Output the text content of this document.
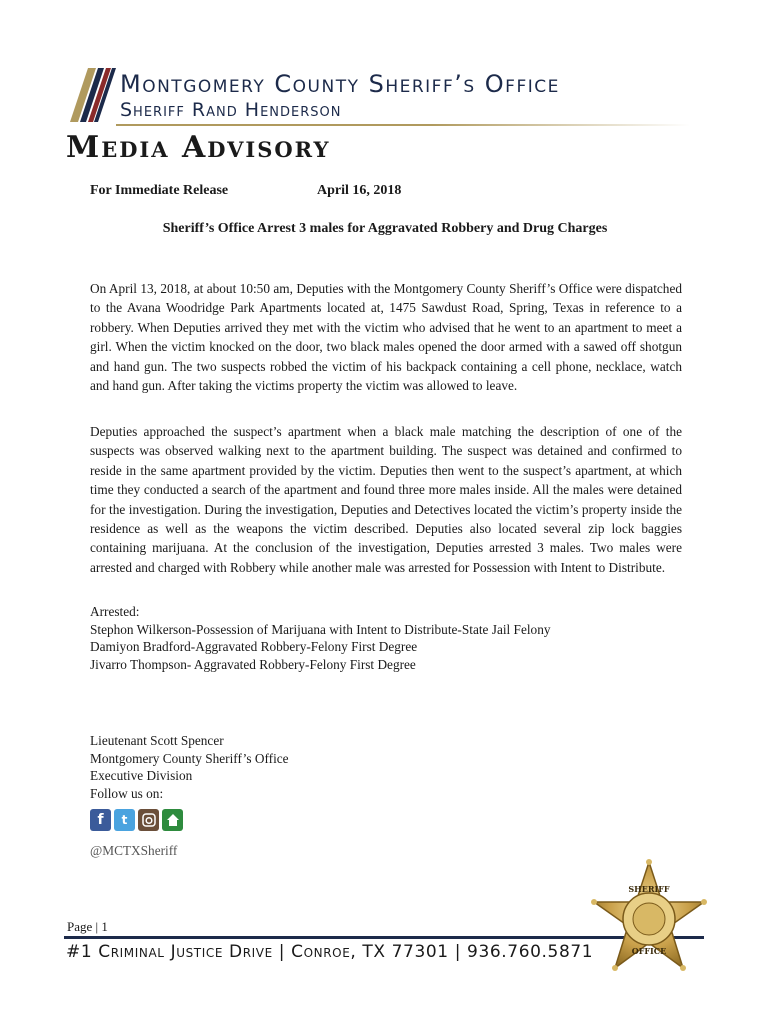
Montgomery County Sheriff’s Office
Sheriff Rand Henderson
Media Advisory
For Immediate Release	April 16, 2018
Sheriff’s Office Arrest 3 males for Aggravated Robbery and Drug Charges

On April 13, 2018, at about 10:50 am, Deputies with the Montgomery County Sheriff’s Office were dispatched to the Avana Woodridge Park Apartments located at, 1475 Sawdust Road, Spring, Texas in reference to a robbery. When Deputies arrived they met with the victim who advised that he went to an apartment to meet a girl. When the victim knocked on the door, two black males opened the door armed with a sawed off shotgun and hand gun. The two suspects robbed the victim of his backpack containing a cell phone, necklace, watch and hand gun. After taking the victims property the victim was allowed to leave.

Deputies approached the suspect’s apartment when a black male matching the description of one of the suspects was observed walking next to the apartment building. The suspect was detained and confirmed to reside in the same apartment provided by the victim. Deputies then went to the suspect’s apartment, at which time they conducted a search of the apartment and found three more males inside. All the males were detained for the investigation. During the investigation, Deputies and Detectives located the victim’s property inside the residence as well as the weapons the victim described. Deputies also located several zip lock baggies containing marijuana. At the conclusion of the investigation, Deputies arrested 3 males. Two males were arrested and charged with Robbery while another male was arrested for Possession with Intent to Distribute.

Arrested:
Stephon Wilkerson-Possession of Marijuana with Intent to Distribute-State Jail Felony
Damiyon Bradford-Aggravated Robbery-Felony First Degree
Jivarro Thompson- Aggravated Robbery-Felony First Degree
Lieutenant Scott Spencer
Montgomery County Sheriff’s Office
Executive Division
Follow us on:
f	t
@MCTXSheriff
Page | 1
#1 Criminal Justice Drive | Conroe, TX 77301 | 936.760.5871
SHERIFF
OFFICE
